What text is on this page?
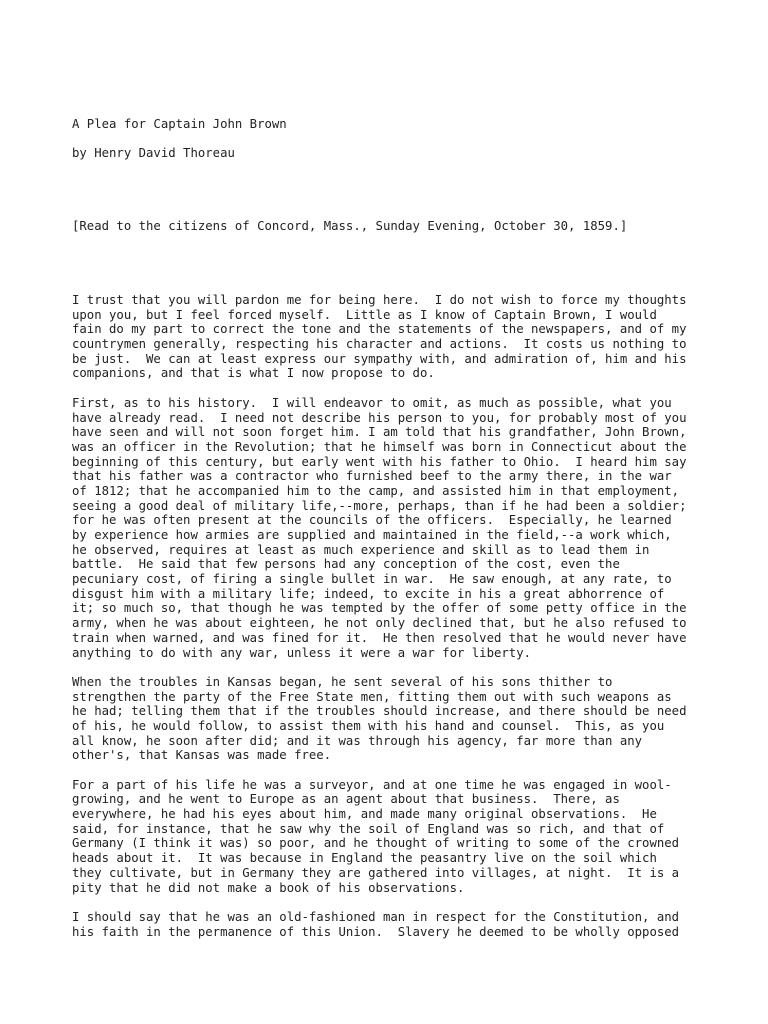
A Plea for Captain John Brown
by Henry David Thoreau
[Read to the citizens of Concord, Mass., Sunday Evening, October 30, 1859.]
I trust that you will pardon me for being here.  I do not wish to force my thoughts
upon you, but I feel forced myself.  Little as I know of Captain Brown, I would
fain do my part to correct the tone and the statements of the newspapers, and of my
countrymen generally, respecting his character and actions.  It costs us nothing to
be just.  We can at least express our sympathy with, and admiration of, him and his
companions, and that is what I now propose to do.
First, as to his history.  I will endeavor to omit, as much as possible, what you
have already read.  I need not describe his person to you, for probably most of you
have seen and will not soon forget him. I am told that his grandfather, John Brown,
was an officer in the Revolution; that he himself was born in Connecticut about the
beginning of this century, but early went with his father to Ohio.  I heard him say
that his father was a contractor who furnished beef to the army there, in the war
of 1812; that he accompanied him to the camp, and assisted him in that employment,
seeing a good deal of military life,--more, perhaps, than if he had been a soldier;
for he was often present at the councils of the officers.  Especially, he learned
by experience how armies are supplied and maintained in the field,--a work which,
he observed, requires at least as much experience and skill as to lead them in
battle.  He said that few persons had any conception of the cost, even the
pecuniary cost, of firing a single bullet in war.  He saw enough, at any rate, to
disgust him with a military life; indeed, to excite in his a great abhorrence of
it; so much so, that though he was tempted by the offer of some petty office in the
army, when he was about eighteen, he not only declined that, but he also refused to
train when warned, and was fined for it.  He then resolved that he would never have
anything to do with any war, unless it were a war for liberty.
When the troubles in Kansas began, he sent several of his sons thither to
strengthen the party of the Free State men, fitting them out with such weapons as
he had; telling them that if the troubles should increase, and there should be need
of his, he would follow, to assist them with his hand and counsel.  This, as you
all know, he soon after did; and it was through his agency, far more than any
other's, that Kansas was made free.
For a part of his life he was a surveyor, and at one time he was engaged in wool-
growing, and he went to Europe as an agent about that business.  There, as
everywhere, he had his eyes about him, and made many original observations.  He
said, for instance, that he saw why the soil of England was so rich, and that of
Germany (I think it was) so poor, and he thought of writing to some of the crowned
heads about it.  It was because in England the peasantry live on the soil which
they cultivate, but in Germany they are gathered into villages, at night.  It is a
pity that he did not make a book of his observations.
I should say that he was an old-fashioned man in respect for the Constitution, and
his faith in the permanence of this Union.  Slavery he deemed to be wholly opposed
